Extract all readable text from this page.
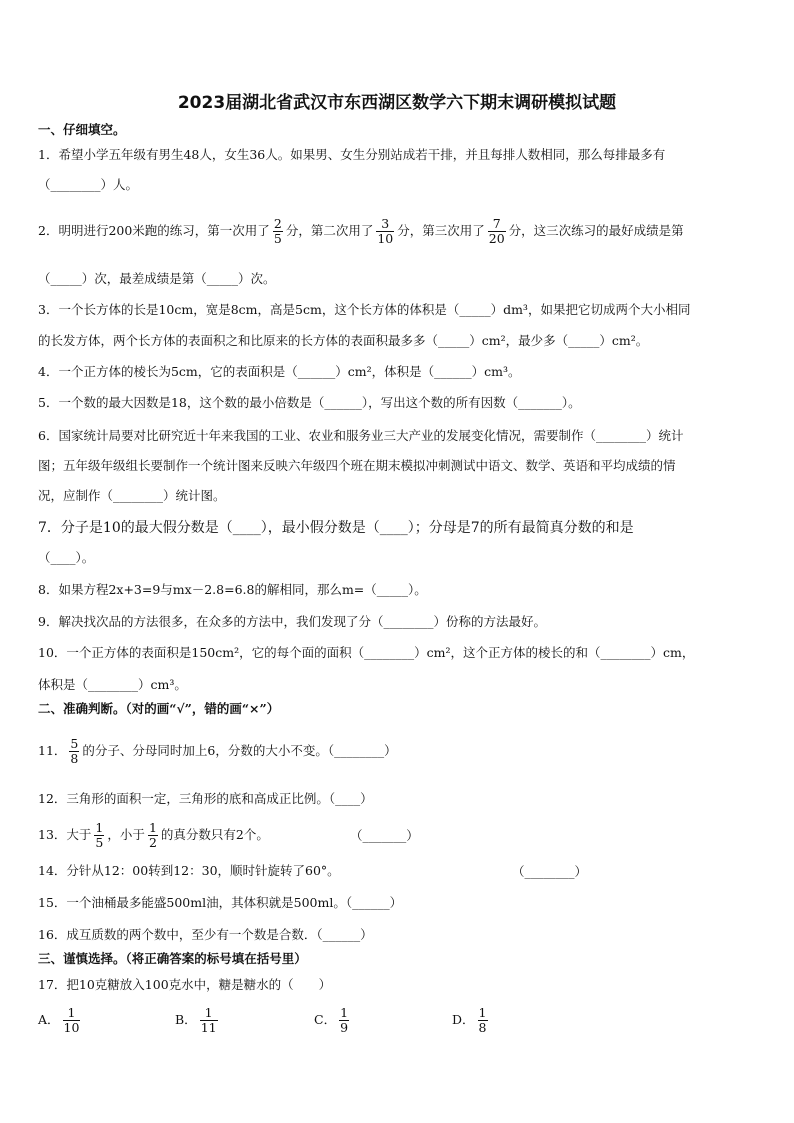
2023届湖北省武汉市东西湖区数学六下期末调研模拟试题
一、仔细填空。
1．希望小学五年级有男生48人，女生36人。如果男、女生分别站成若干排，并且每排人数相同，那么每排最多有
（________）人。
2．明明进行200米跑的练习，第一次用了 $\frac{2}{5}$ 分，第二次用了 $\frac{3}{10}$ 分，第三次用了 $\frac{7}{20}$ 分，这三次练习的最好成绩是第
（_____）次，最差成绩是第（_____）次。
3．一个长方体的长是10cm，宽是8cm，高是5cm，这个长方体的体积是（_____）dm³，如果把它切成两个大小相同
的长发方体，两个长方体的表面积之和比原来的长方体的表面积最多多（_____）cm²，最少多（_____）cm²。
4．一个正方体的棱长为5cm，它的表面积是（______）cm²，体积是（______）cm³。
5．一个数的最大因数是18，这个数的最小倍数是（______），写出这个数的所有因数（_______）。
6．国家统计局要对比研究近十年来我国的工业、农业和服务业三大产业的发展变化情况，需要制作（________）统计
图；五年级年级组长要制作一个统计图来反映六年级四个班在期末模拟冲刺测试中语文、数学、英语和平均成绩的情
况，应制作（________）统计图。
7．分子是10的最大假分数是（____），最小假分数是（____）；分母是7的所有最简真分数的和是
（____）。
8．如果方程2x+3=9与mx－2.8=6.8的解相同，那么m=（_____）。
9．解决找次品的方法很多，在众多的方法中，我们发现了分（________）份称的方法最好。
10．一个正方体的表面积是150cm²，它的每个面的面积（________）cm²，这个正方体的棱长的和（________）cm，
体积是（________）cm³。
二、准确判断。（对的画“√”，错的画“×”）
11． $\frac{5}{8}$ 的分子、分母同时加上6，分数的大小不变。（________）
12．三角形的面积一定，三角形的底和高成正比例。（____）
13．大于 $\frac{1}{5}$ ，小于 $\frac{1}{2}$ 的真分数只有2个。	（_______）
14．分针从12：00转到12：30，顺时针旋转了60°。	（________）
15．一个油桶最多能盛500ml油，其体积就是500ml。（______）
16．成互质数的两个数中，至少有一个数是合数．（______）
三、谨慎选择。（将正确答案的标号填在括号里）
17．把10克糖放入100克水中，糖是糖水的（　　）
A． $\frac{1}{10}$	B． $\frac{1}{11}$	C． $\frac{1}{9}$	D． $\frac{1}{8}$
